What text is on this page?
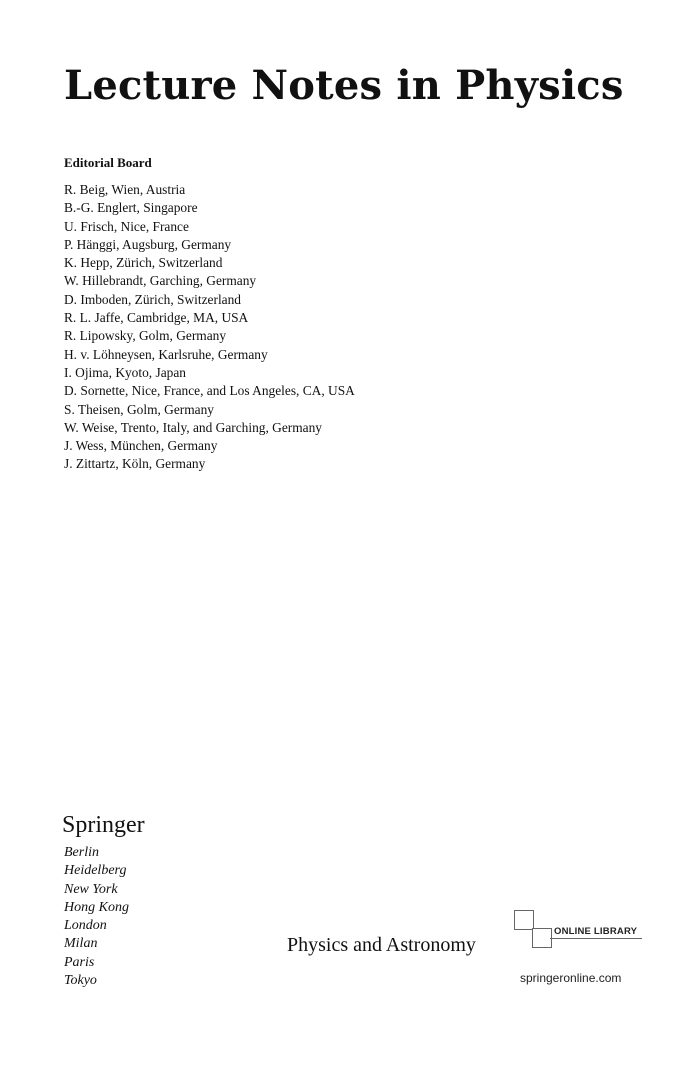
Lecture Notes in Physics
Editorial Board
R. Beig, Wien, Austria
B.-G. Englert, Singapore
U. Frisch, Nice, France
P. Hänggi, Augsburg, Germany
K. Hepp, Zürich, Switzerland
W. Hillebrandt, Garching, Germany
D. Imboden, Zürich, Switzerland
R. L. Jaffe, Cambridge, MA, USA
R. Lipowsky, Golm, Germany
H. v. Löhneysen, Karlsruhe, Germany
I. Ojima, Kyoto, Japan
D. Sornette, Nice, France, and Los Angeles, CA, USA
S. Theisen, Golm, Germany
W. Weise, Trento, Italy, and Garching, Germany
J. Wess, München, Germany
J. Zittartz, Köln, Germany
Springer
Berlin
Heidelberg
New York
Hong Kong
London
Milan
Paris
Tokyo
Physics and Astronomy
ONLINE LIBRARY
springeronline.com
